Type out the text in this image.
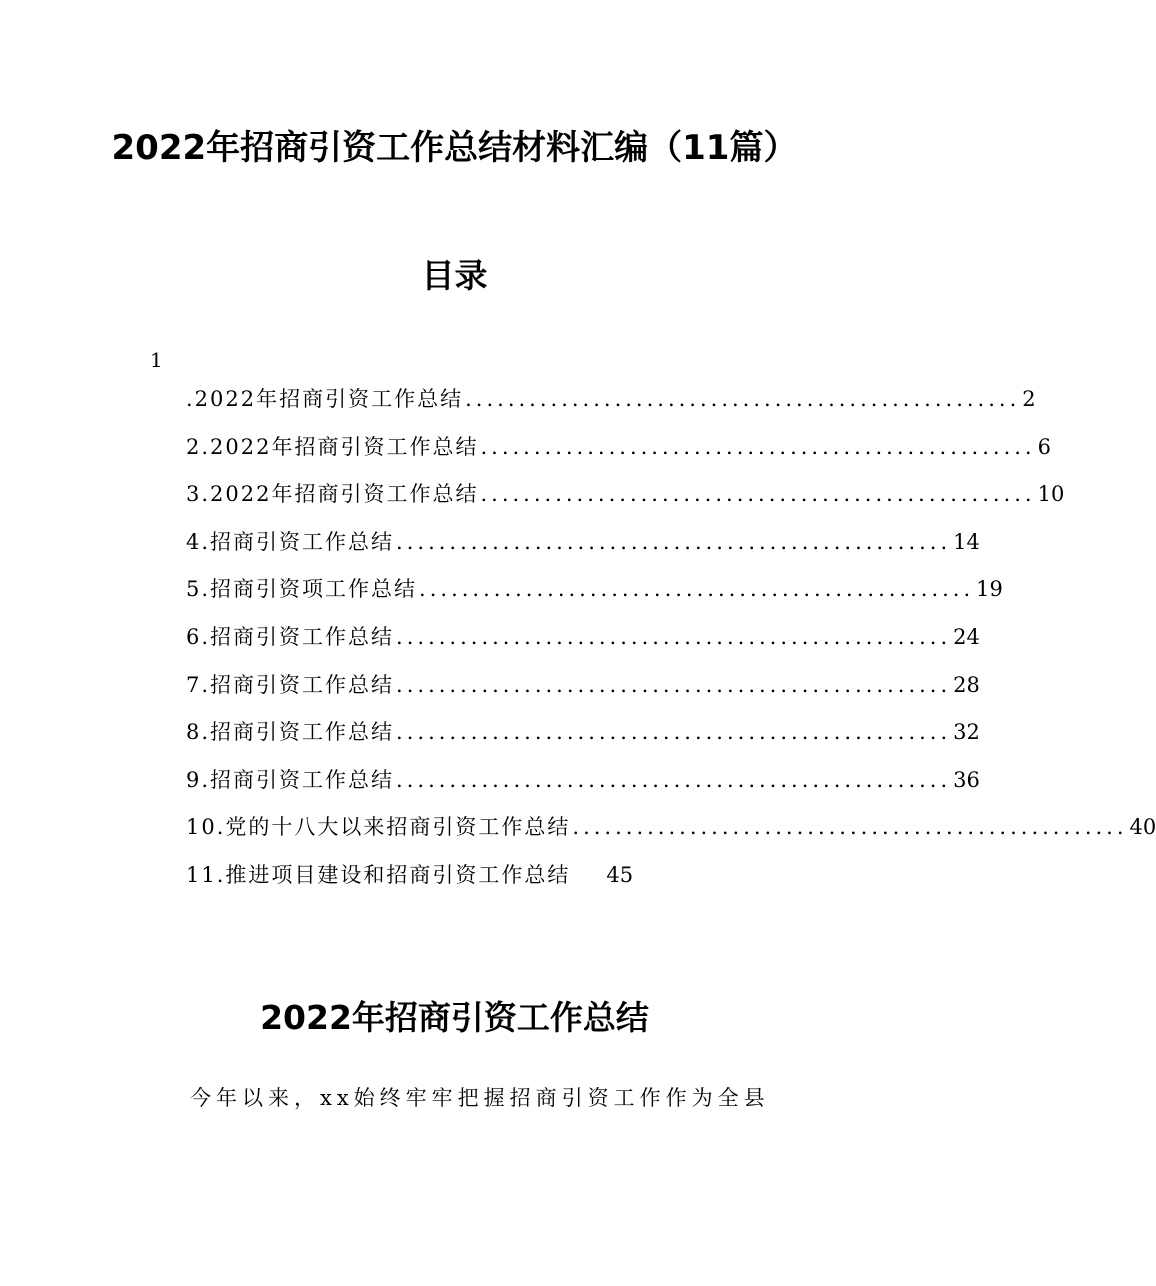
2022年招商引资工作总结材料汇编（11篇）
目录
1
.2022年招商引资工作总结 .................................................... 2
2.2022年招商引资工作总结 .................................................... 6
3.2022年招商引资工作总结 .................................................... 10
4.招商引资工作总结 .................................................... 14
5.招商引资项工作总结 .................................................... 19
6.招商引资工作总结 .................................................... 24
7.招商引资工作总结 .................................................... 28
8.招商引资工作总结 .................................................... 32
9.招商引资工作总结 .................................................... 36
10.党的十八大以来招商引资工作总结 .................................................... 40
11.推进项目建设和招商引资工作总结 45
2022年招商引资工作总结

今年以来，xx始终牢牢把握招商引资工作作为全县
